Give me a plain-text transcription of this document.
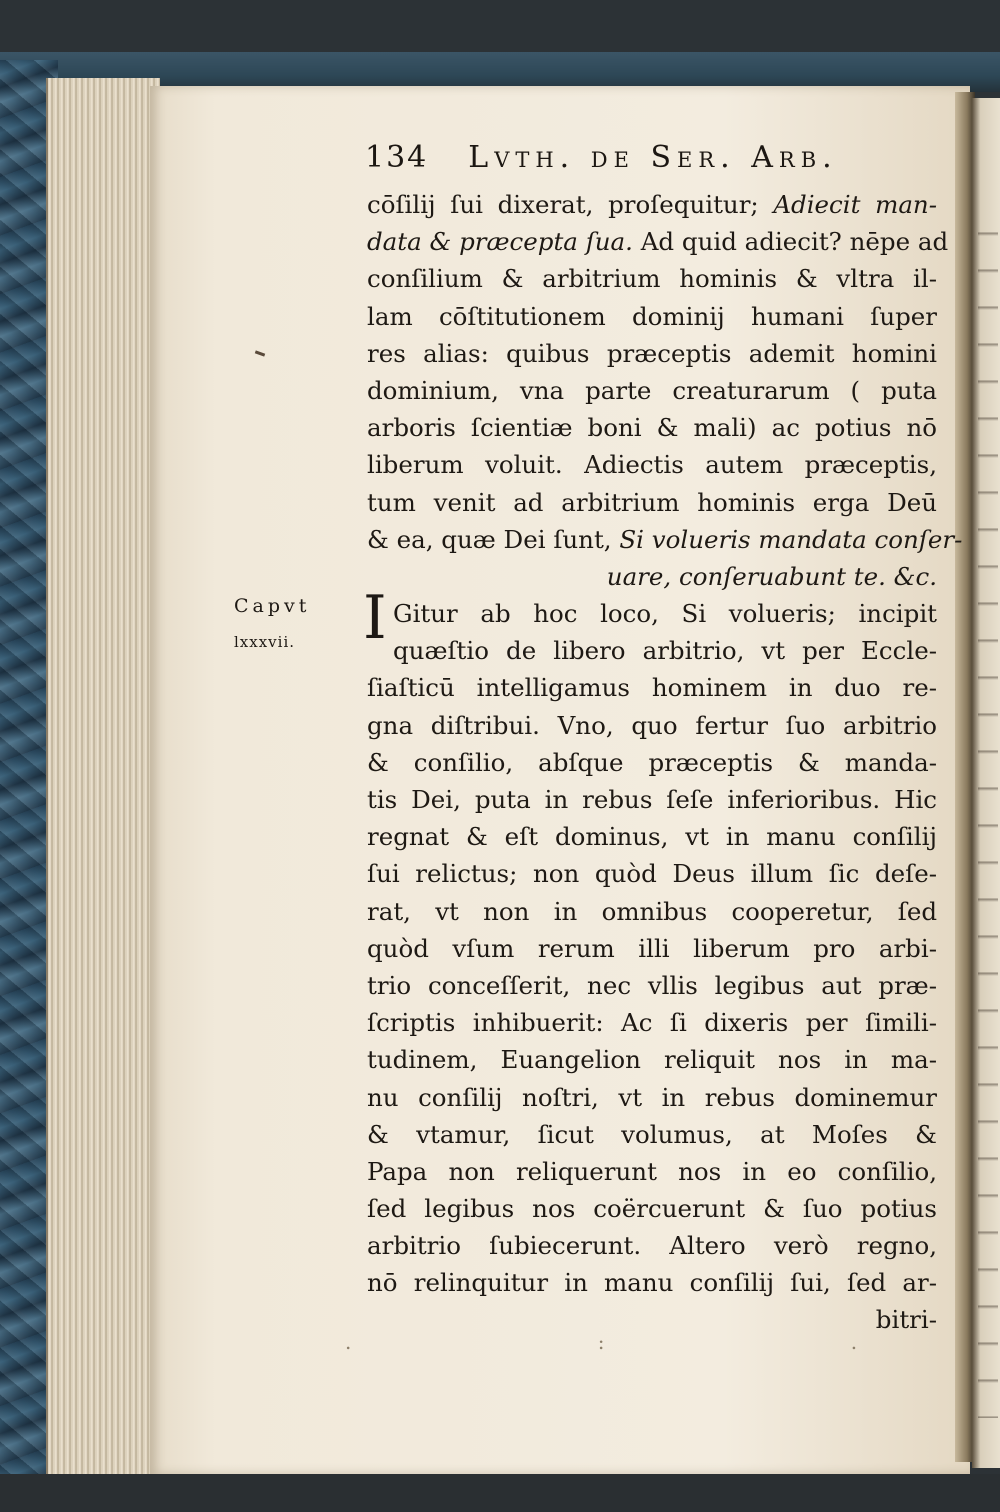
134 Lvth. de Ser. Arb.
Capvt
lxxxvii.
cōſilij ſui dixerat, proſequitur; Adiecit man-
data & præcepta ſua. Ad quid adiecit? nēpe ad
conſilium & arbitrium hominis & vltra il-
lam cōſtitutionem dominij humani ſuper
res alias: quibus præceptis ademit homini
dominium, vna parte creaturarum ( puta
arboris ſcientiæ boni & mali) ac potius nō
liberum voluit. Adiectis autem præceptis,
tum venit ad arbitrium hominis erga Deū
& ea, quæ Dei ſunt, Si volueris mandata conſer-
uare, conſeruabunt te. &c.
Gitur ab hoc loco, Si volueris; incipit
quæſtio de libero arbitrio, vt per Eccle-
ſiaſticū intelligamus hominem in duo re-
gna diſtribui. Vno, quo fertur ſuo arbitrio
& conſilio, abſque præceptis & manda-
tis Dei, puta in rebus ſeſe inferioribus. Hic
regnat & eſt dominus, vt in manu conſilij
ſui relictus; non quòd Deus illum ſic deſe-
rat, vt non in omnibus cooperetur, ſed
quòd vſum rerum illi liberum pro arbi-
trio conceſſerit, nec vllis legibus aut præ-
ſcriptis inhibuerit: Ac ſi dixeris per ſimili-
tudinem, Euangelion reliquit nos in ma-
nu conſilij noſtri, vt in rebus dominemur
& vtamur, ſicut volumus, at Moſes &
Papa non reliquerunt nos in eo conſilio,
ſed legibus nos coërcuerunt & ſuo potius
arbitrio ſubiecerunt. Altero verò regno,
nō relinquitur in manu conſilij ſui, ſed ar-
I
. : .
bitri-
